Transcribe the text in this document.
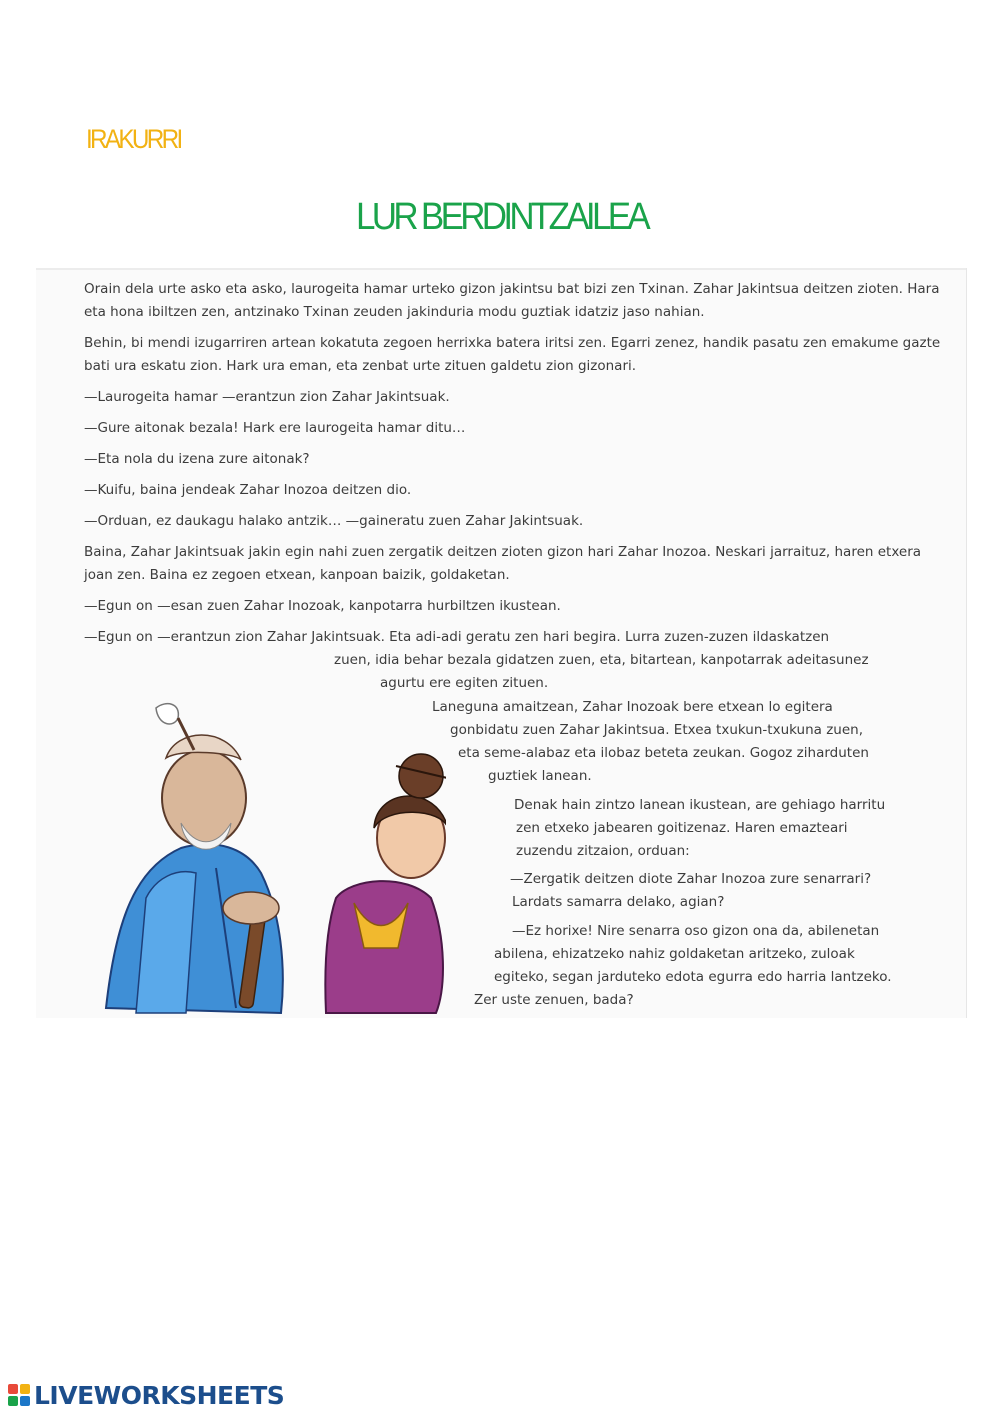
IRAKURRI
LUR BERDINTZAILEA

Orain dela urte asko eta asko, laurogeita hamar urteko gizon jakintsu bat bizi zen Txinan. Zahar Jakintsua deitzen zioten. Hara eta hona ibiltzen zen, antzinako Txinan zeuden jakinduria modu guztiak idatziz jaso nahian.

Behin, bi mendi izugarriren artean kokatuta zegoen herrixka batera iritsi zen. Egarri zenez, handik pasatu zen emakume gazte bati ura eskatu zion. Hark ura eman, eta zenbat urte zituen galdetu zion gizonari.

—Laurogeita hamar —erantzun zion Zahar Jakintsuak.
—Gure aitonak bezala! Hark ere laurogeita hamar ditu…
—Eta nola du izena zure aitonak?
—Kuifu, baina jendeak Zahar Inozoa deitzen dio.
—Orduan, ez daukagu halako antzik… —gaineratu zuen Zahar Jakintsuak.

Baina, Zahar Jakintsuak jakin egin nahi zuen zergatik deitzen zioten gizon hari Zahar Inozoa. Neskari jarraituz, haren etxera joan zen. Baina ez zegoen etxean, kanpoan baizik, goldaketan.

—Egun on —esan zuen Zahar Inozoak, kanpotarra hurbiltzen ikustean.
—Egun on —erantzun zion Zahar Jakintsuak. Eta adi-adi geratu zen hari begira. Lurra zuzen-zuzen ildaskatzen
zuen, idia behar bezala gidatzen zuen, eta, bitartean, kanpotarrak adeitasunez
agurtu ere egiten zituen.
Laneguna amaitzean, Zahar Inozoak bere etxean lo egitera
gonbidatu zuen Zahar Jakintsua. Etxea txukun-txukuna zuen,
eta seme-alabaz eta ilobaz beteta zeukan. Gogoz ziharduten
guztiek lanean.
Denak hain zintzo lanean ikustean, are gehiago harritu
zen etxeko jabearen goitizenaz. Haren emazteari
zuzendu zitzaion, orduan:
—Zergatik deitzen diote Zahar Inozoa zure senarrari?
Lardats samarra delako, agian?
—Ez horixe! Nire senarra oso gizon ona da, abilenetan
abilena, ehizatzeko nahiz goldaketan aritzeko, zuloak
egiteko, segan jarduteko edota egurra edo harria lantzeko.
Zer uste zenuen, bada?
LIVEWORKSHEETS
